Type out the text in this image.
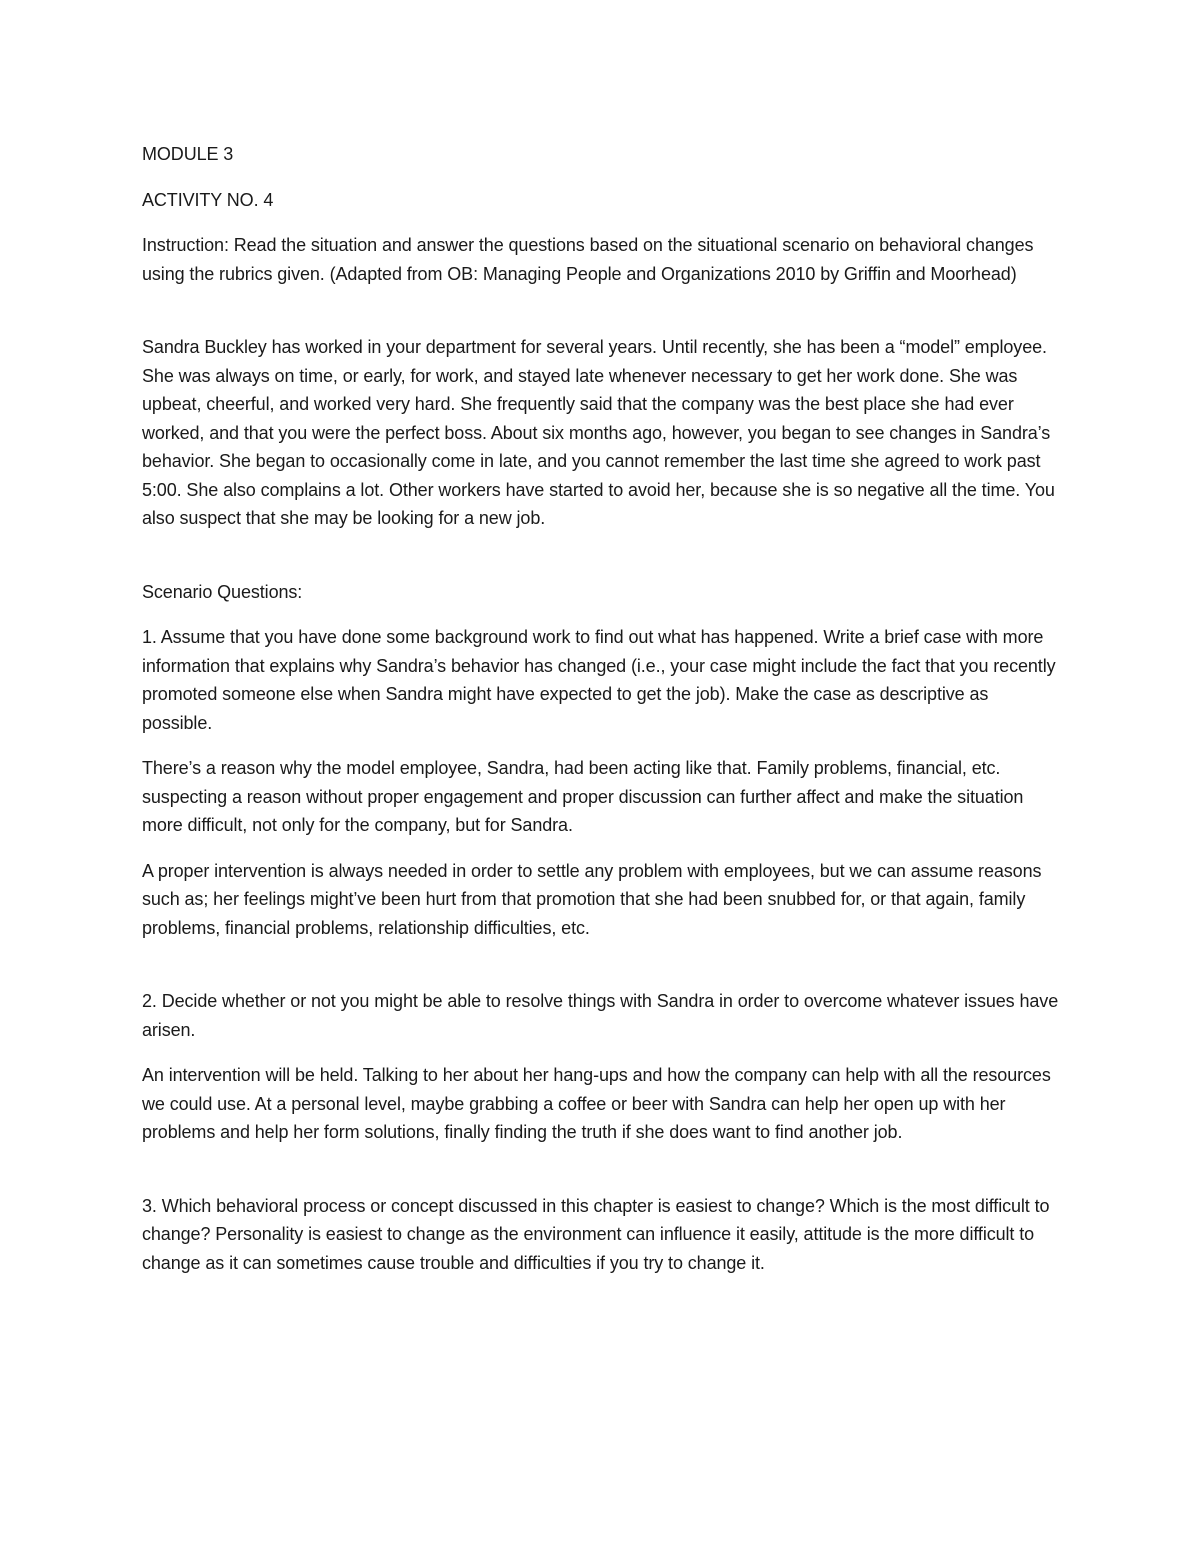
MODULE 3

ACTIVITY NO. 4

Instruction: Read the situation and answer the questions based on the situational scenario on behavioral changes using the rubrics given. (Adapted from OB: Managing People and Organizations 2010 by Griffin and Moorhead)

Sandra Buckley has worked in your department for several years. Until recently, she has been a “model” employee. She was always on time, or early, for work, and stayed late whenever necessary to get her work done. She was upbeat, cheerful, and worked very hard. She frequently said that the company was the best place she had ever worked, and that you were the perfect boss. About six months ago, however, you began to see changes in Sandra’s behavior. She began to occasionally come in late, and you cannot remember the last time she agreed to work past 5:00. She also complains a lot. Other workers have started to avoid her, because she is so negative all the time. You also suspect that she may be looking for a new job.

Scenario Questions:

1. Assume that you have done some background work to find out what has happened. Write a brief case with more information that explains why Sandra’s behavior has changed (i.e., your case might include the fact that you recently promoted someone else when Sandra might have expected to get the job). Make the case as descriptive as possible.

There’s a reason why the model employee, Sandra, had been acting like that. Family problems, financial, etc. suspecting a reason without proper engagement and proper discussion can further affect and make the situation more difficult, not only for the company, but for Sandra.

A proper intervention is always needed in order to settle any problem with employees, but we can assume reasons such as; her feelings might’ve been hurt from that promotion that she had been snubbed for, or that again, family problems, financial problems, relationship difficulties, etc.

2. Decide whether or not you might be able to resolve things with Sandra in order to overcome whatever issues have arisen.

An intervention will be held. Talking to her about her hang-ups and how the company can help with all the resources we could use. At a personal level, maybe grabbing a coffee or beer with Sandra can help her open up with her problems and help her form solutions, finally finding the truth if she does want to find another job.

3. Which behavioral process or concept discussed in this chapter is easiest to change? Which is the most difficult to change? Personality is easiest to change as the environment can influence it easily, attitude is the more difficult to change as it can sometimes cause trouble and difficulties if you try to change it.
